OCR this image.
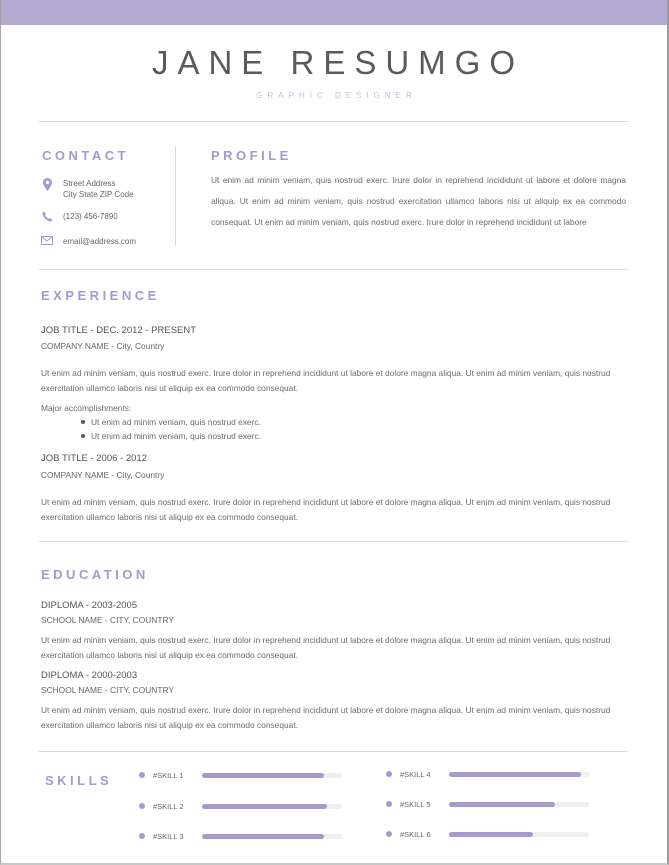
JANE RESUMGO
GRAPHIC DESIGNER
CONTACT
Street Address
City State ZIP Code
(123) 456-7890
email@address.com
PROFILE
Ut enim ad minim veniam, quis nostrud exerc. Irure dolor in reprehend incididunt ut labore et dolore magna aliqua. Ut enim ad minim veniam, quis nostrud exercitation ullamco laboris nisi ut aliquip ex ea commodo consequat. Ut enim ad minim veniam, quis nostrud exerc. Irure dolor in reprehend incididunt ut labore
EXPERIENCE
JOB TITLE - DEC. 2012 - PRESENT
COMPANY NAME - City, Country
Ut enim ad minim veniam, quis nostrud exerc. Irure dolor in reprehend incididunt ut labore et dolore magna aliqua. Ut enim ad minim veniam, quis nostrud exercitation ullamco laboris nisi ut aliquip ex ea commodo consequat.
Major accomplishments:
Ut enim ad minim veniam, quis nostrud exerc.
Ut enim ad minim veniam, quis nostrud exerc.
JOB TITLE - 2006 - 2012
COMPANY NAME - City, Country
Ut enim ad minim veniam, quis nostrud exerc. Irure dolor in reprehend incididunt ut labore et dolore magna aliqua. Ut enim ad minim veniam, quis nostrud exercitation ullamco laboris nisi ut aliquip ex ea commodo consequat.
EDUCATION
DIPLOMA - 2003-2005
SCHOOL NAME - CITY, COUNTRY
Ut enim ad minim veniam, quis nostrud exerc. Irure dolor in reprehend incididunt ut labore et dolore magna aliqua. Ut enim ad minim veniam, quis nostrud exercitation ullamco laboris nisi ut aliquip ex ea commodo consequat.
DIPLOMA - 2000-2003
SCHOOL NAME - CITY, COUNTRY
Ut enim ad minim veniam, quis nostrud exerc. Irure dolor in reprehend incididunt ut labore et dolore magna aliqua. Ut enim ad minim veniam, quis nostrud exercitation ullamco laboris nisi ut aliquip ex ea commodo consequat.
SKILLS	#SKILL 1
#SKILL 2
#SKILL 3
#SKILL 4
#SKILL 5
#SKILL 6
